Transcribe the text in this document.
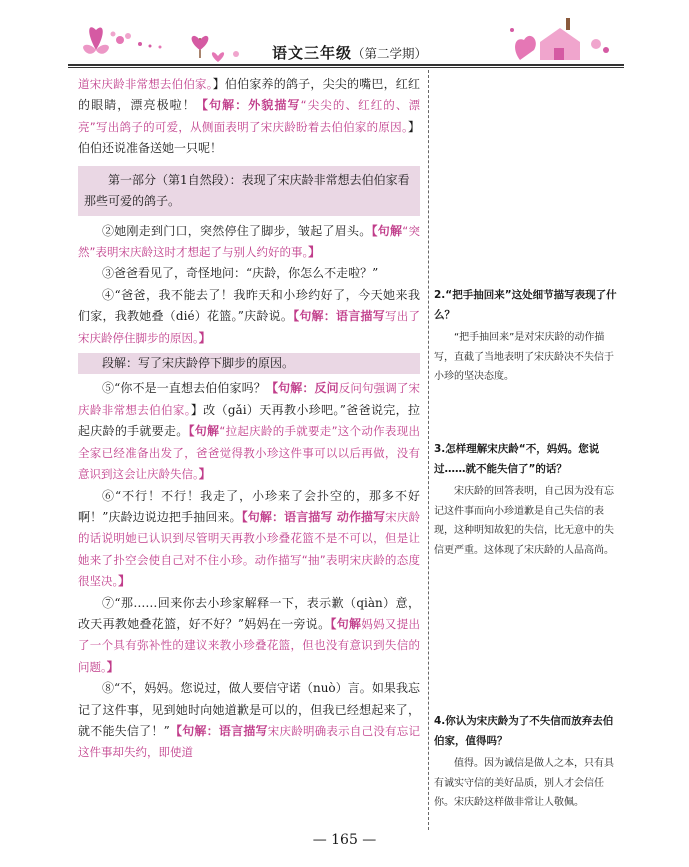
语文三年级（第二学期）

道宋庆龄非常想去伯伯家。】伯伯家养的鸽子，尖尖的嘴巴，红红的眼睛，漂亮极啦！【句解：外貌描写“尖尖的、红红的、漂亮”写出鸽子的可爱，从侧面表明了宋庆龄盼着去伯伯家的原因。】伯伯还说准备送她一只呢！

第一部分（第1自然段）：表现了宋庆龄非常想去伯伯家看那些可爱的鸽子。

②她刚走到门口，突然停住了脚步，皱起了眉头。【句解“突然”表明宋庆龄这时才想起了与别人约好的事。】

③爸爸看见了，奇怪地问：“庆龄，你怎么不走啦？”

④“爸爸，我不能去了！我昨天和小珍约好了，今天她来我们家，我教她叠（dié）花篮。”庆龄说。【句解：语言描写写出了宋庆龄停住脚步的原因。】

段解：写了宋庆龄停下脚步的原因。

⑤“你不是一直想去伯伯家吗？【句解：反问反问句强调了宋庆龄非常想去伯伯家。】改（gǎi）天再教小珍吧。”爸爸说完，拉起庆龄的手就要走。【句解“拉起庆龄的手就要走”这个动作表现出全家已经准备出发了，爸爸觉得教小珍这件事可以以后再做，没有意识到这会让庆龄失信。】

⑥“不行！不行！我走了，小珍来了会扑空的，那多不好啊！”庆龄边说边把手抽回来。【句解：语言描写 动作描写宋庆龄的话说明她已认识到尽管明天再教小珍叠花篮不是不可以，但是让她来了扑空会使自己对不住小珍。动作描写“抽”表明宋庆龄的态度很坚决。】

⑦“那……回来你去小珍家解释一下，表示歉（qiàn）意，改天再教她叠花篮，好不好？”妈妈在一旁说。【句解妈妈又提出了一个具有弥补性的建议来教小珍叠花篮，但也没有意识到失信的问题。】

⑧“不，妈妈。您说过，做人要信守诺（nuò）言。如果我忘记了这件事，见到她时向她道歉是可以的，但我已经想起来了，就不能失信了！”【句解：语言描写宋庆龄明确表示自己没有忘记这件事却失约，即使道

2.“把手抽回来”这处细节描写表现了什么？

“把手抽回来”是对宋庆龄的动作描写，直截了当地表明了宋庆龄决不失信于小珍的坚决态度。

3.怎样理解宋庆龄“不，妈妈。您说过……就不能失信了”的话？

宋庆龄的回答表明，自己因为没有忘记这件事而向小珍道歉是自己失信的表现，这种明知故犯的失信，比无意中的失信更严重。这体现了宋庆龄的人品高尚。

4.你认为宋庆龄为了不失信而放弃去伯伯家，值得吗？

值得。因为诚信是做人之本，只有具有诚实守信的美好品质，别人才会信任你。宋庆龄这样做非常让人敬佩。

— 165 —
